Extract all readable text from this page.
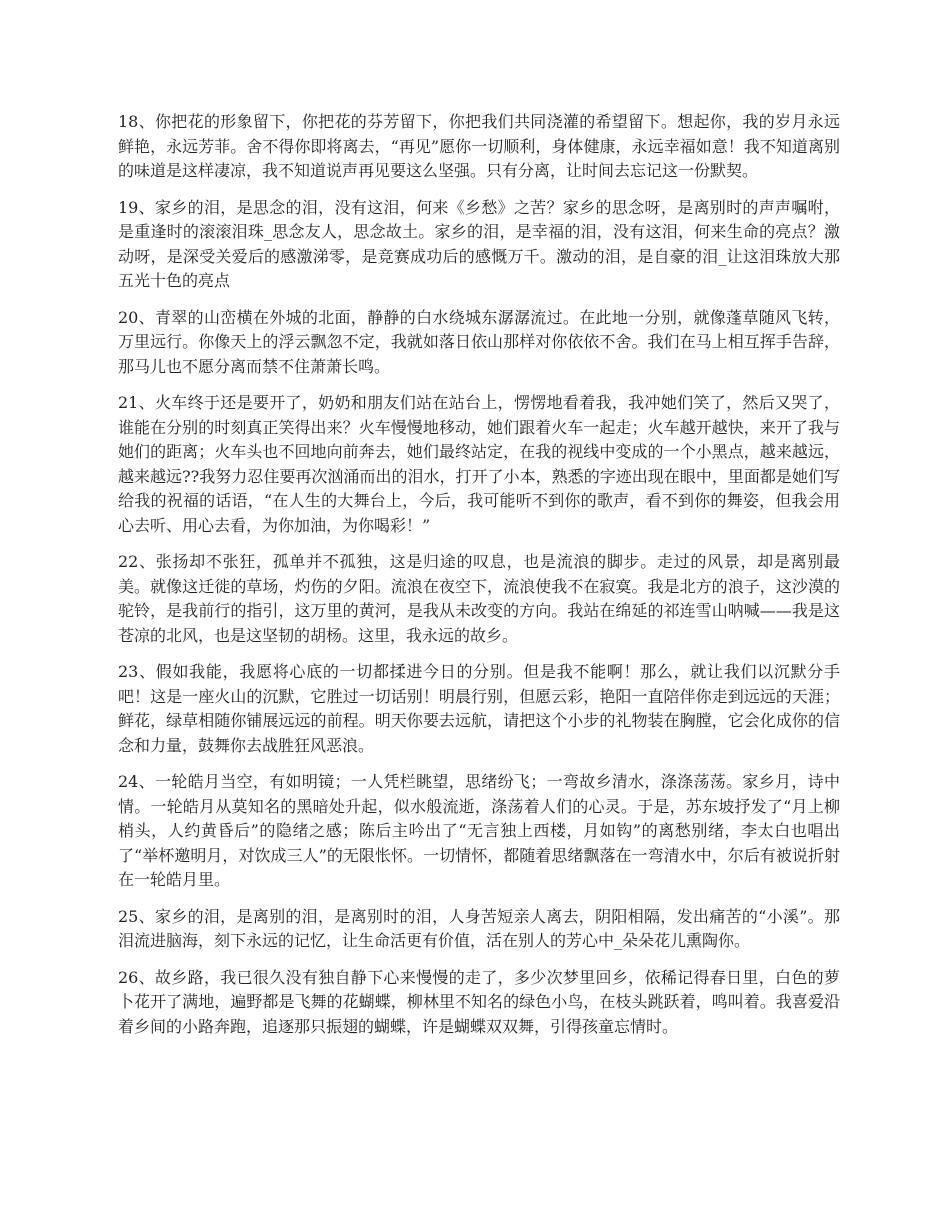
18、你把花的形象留下，你把花的芬芳留下，你把我们共同浇灌的希望留下。想起你，我的岁月永远鲜艳，永远芳菲。舍不得你即将离去，“再见”愿你一切顺利，身体健康，永远幸福如意！我不知道离别的味道是这样凄凉，我不知道说声再见要这么坚强。只有分离，让时间去忘记这一份默契。

19、家乡的泪，是思念的泪，没有这泪，何来《乡愁》之苦？家乡的思念呀，是离别时的声声嘱咐，是重逢时的滚滚泪珠_思念友人，思念故土。家乡的泪，是幸福的泪，没有这泪，何来生命的亮点？激动呀，是深受关爱后的感激涕零，是竞赛成功后的感慨万千。激动的泪，是自豪的泪_让这泪珠放大那五光十色的亮点

20、青翠的山峦横在外城的北面，静静的白水绕城东潺潺流过。在此地一分别，就像蓬草随风飞转，万里远行。你像天上的浮云飘忽不定，我就如落日依山那样对你依依不舍。我们在马上相互挥手告辞，那马儿也不愿分离而禁不住萧萧长鸣。

21、火车终于还是要开了，奶奶和朋友们站在站台上，愣愣地看着我，我冲她们笑了，然后又哭了，谁能在分别的时刻真正笑得出来？火车慢慢地移动，她们跟着火车一起走；火车越开越快，来开了我与她们的距离；火车头也不回地向前奔去，她们最终站定，在我的视线中变成的一个小黑点，越来越远，越来越远??我努力忍住要再次汹涌而出的泪水，打开了小本，熟悉的字迹出现在眼中，里面都是她们写给我的祝福的话语，“在人生的大舞台上，今后，我可能听不到你的歌声，看不到你的舞姿，但我会用心去听、用心去看，为你加油，为你喝彩！”

22、张扬却不张狂，孤单并不孤独，这是归途的叹息，也是流浪的脚步。走过的风景，却是离别最美。就像这迁徙的草场，灼伤的夕阳。流浪在夜空下，流浪使我不在寂寞。我是北方的浪子，这沙漠的驼铃，是我前行的指引，这万里的黄河，是我从未改变的方向。我站在绵延的祁连雪山呐喊——我是这苍凉的北风，也是这坚韧的胡杨。这里，我永远的故乡。

23、假如我能，我愿将心底的一切都揉进今日的分别。但是我不能啊！那么，就让我们以沉默分手吧！这是一座火山的沉默，它胜过一切话别！明晨行别，但愿云彩，艳阳一直陪伴你走到远远的天涯；鲜花，绿草相随你铺展远远的前程。明天你要去远航，请把这个小步的礼物装在胸膛，它会化成你的信念和力量，鼓舞你去战胜狂风恶浪。

24、一轮皓月当空，有如明镜；一人凭栏眺望，思绪纷飞；一弯故乡清水，涤涤荡荡。家乡月，诗中情。一轮皓月从莫知名的黑暗处升起，似水般流逝，涤荡着人们的心灵。于是，苏东坡抒发了“月上柳梢头，人约黄昏后”的隐绪之感；陈后主吟出了“无言独上西楼，月如钩”的离愁别绪，李太白也唱出了“举杯邀明月，对饮成三人”的无限怅怀。一切情怀，都随着思绪飘落在一弯清水中，尔后有被说折射在一轮皓月里。

25、家乡的泪，是离别的泪，是离别时的泪，人身苦短亲人离去，阴阳相隔，发出痛苦的“小溪”。那泪流进脑海，刻下永远的记忆，让生命活更有价值，活在别人的芳心中_朵朵花儿熏陶你。

26、故乡路，我已很久没有独自静下心来慢慢的走了，多少次梦里回乡，依稀记得春日里，白色的萝卜花开了满地，遍野都是飞舞的花蝴蝶，柳林里不知名的绿色小鸟，在枝头跳跃着，鸣叫着。我喜爱沿着乡间的小路奔跑，追逐那只振翅的蝴蝶，许是蝴蝶双双舞，引得孩童忘情时。
